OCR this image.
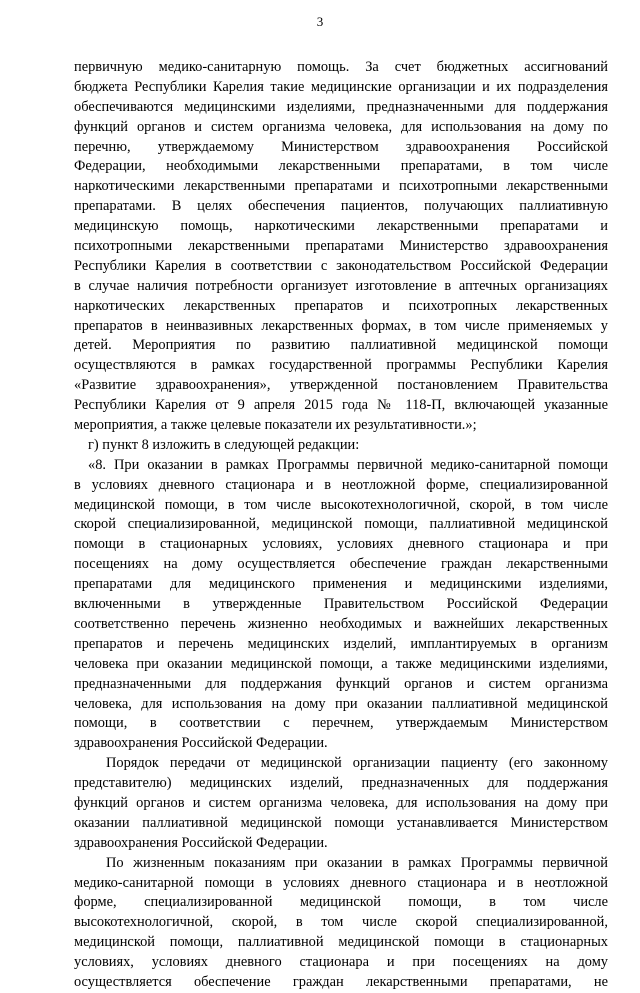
3
первичную медико-санитарную помощь. За счет бюджетных ассигнований
бюджета Республики Карелия такие медицинские организации и их подразделения
обеспечиваются медицинскими изделиями, предназначенными для поддержания
функций органов и систем организма человека, для использования на дому по
перечню, утверждаемому Министерством здравоохранения Российской
Федерации, необходимыми лекарственными препаратами, в том числе
наркотическими лекарственными препаратами и психотропными лекарственными
препаратами. В целях обеспечения пациентов, получающих паллиативную
медицинскую помощь, наркотическими лекарственными препаратами и
психотропными лекарственными препаратами Министерство здравоохранения
Республики Карелия в соответствии с законодательством Российской Федерации
в случае наличия потребности организует изготовление в аптечных организациях
наркотических лекарственных препаратов и психотропных лекарственных
препаратов в неинвазивных лекарственных формах, в том числе применяемых у
детей. Мероприятия по развитию паллиативной медицинской помощи
осуществляются в рамках государственной программы Республики Карелия
«Развитие здравоохранения», утвержденной постановлением Правительства
Республики Карелия от 9 апреля 2015 года № 118-П, включающей указанные
мероприятия, а также целевые показатели их результативности.»;
г) пункт 8 изложить в следующей редакции:
«8. При оказании в рамках Программы первичной медико-санитарной помощи
в условиях дневного стационара и в неотложной форме, специализированной
медицинской помощи, в том числе высокотехнологичной, скорой, в том числе
скорой специализированной, медицинской помощи, паллиативной медицинской
помощи в стационарных условиях, условиях дневного стационара и при
посещениях на дому осуществляется обеспечение граждан лекарственными
препаратами для медицинского применения и медицинскими изделиями,
включенными в утвержденные Правительством Российской Федерации
соответственно перечень жизненно необходимых и важнейших лекарственных
препаратов и перечень медицинских изделий, имплантируемых в организм
человека при оказании медицинской помощи, а также медицинскими изделиями,
предназначенными для поддержания функций органов и систем организма
человека, для использования на дому при оказании паллиативной медицинской
помощи, в соответствии с перечнем, утверждаемым Министерством
здравоохранения Российской Федерации.
Порядок передачи от медицинской организации пациенту (его законному
представителю) медицинских изделий, предназначенных для поддержания
функций органов и систем организма человека, для использования на дому при
оказании паллиативной медицинской помощи устанавливается Министерством
здравоохранения Российской Федерации.
По жизненным показаниям при оказании в рамках Программы первичной
медико-санитарной помощи в условиях дневного стационара и в неотложной
форме, специализированной медицинской помощи, в том числе
высокотехнологичной, скорой, в том числе скорой специализированной,
медицинской помощи, паллиативной медицинской помощи в стационарных
условиях, условиях дневного стационара и при посещениях на дому
осуществляется обеспечение граждан лекарственными препаратами, не
